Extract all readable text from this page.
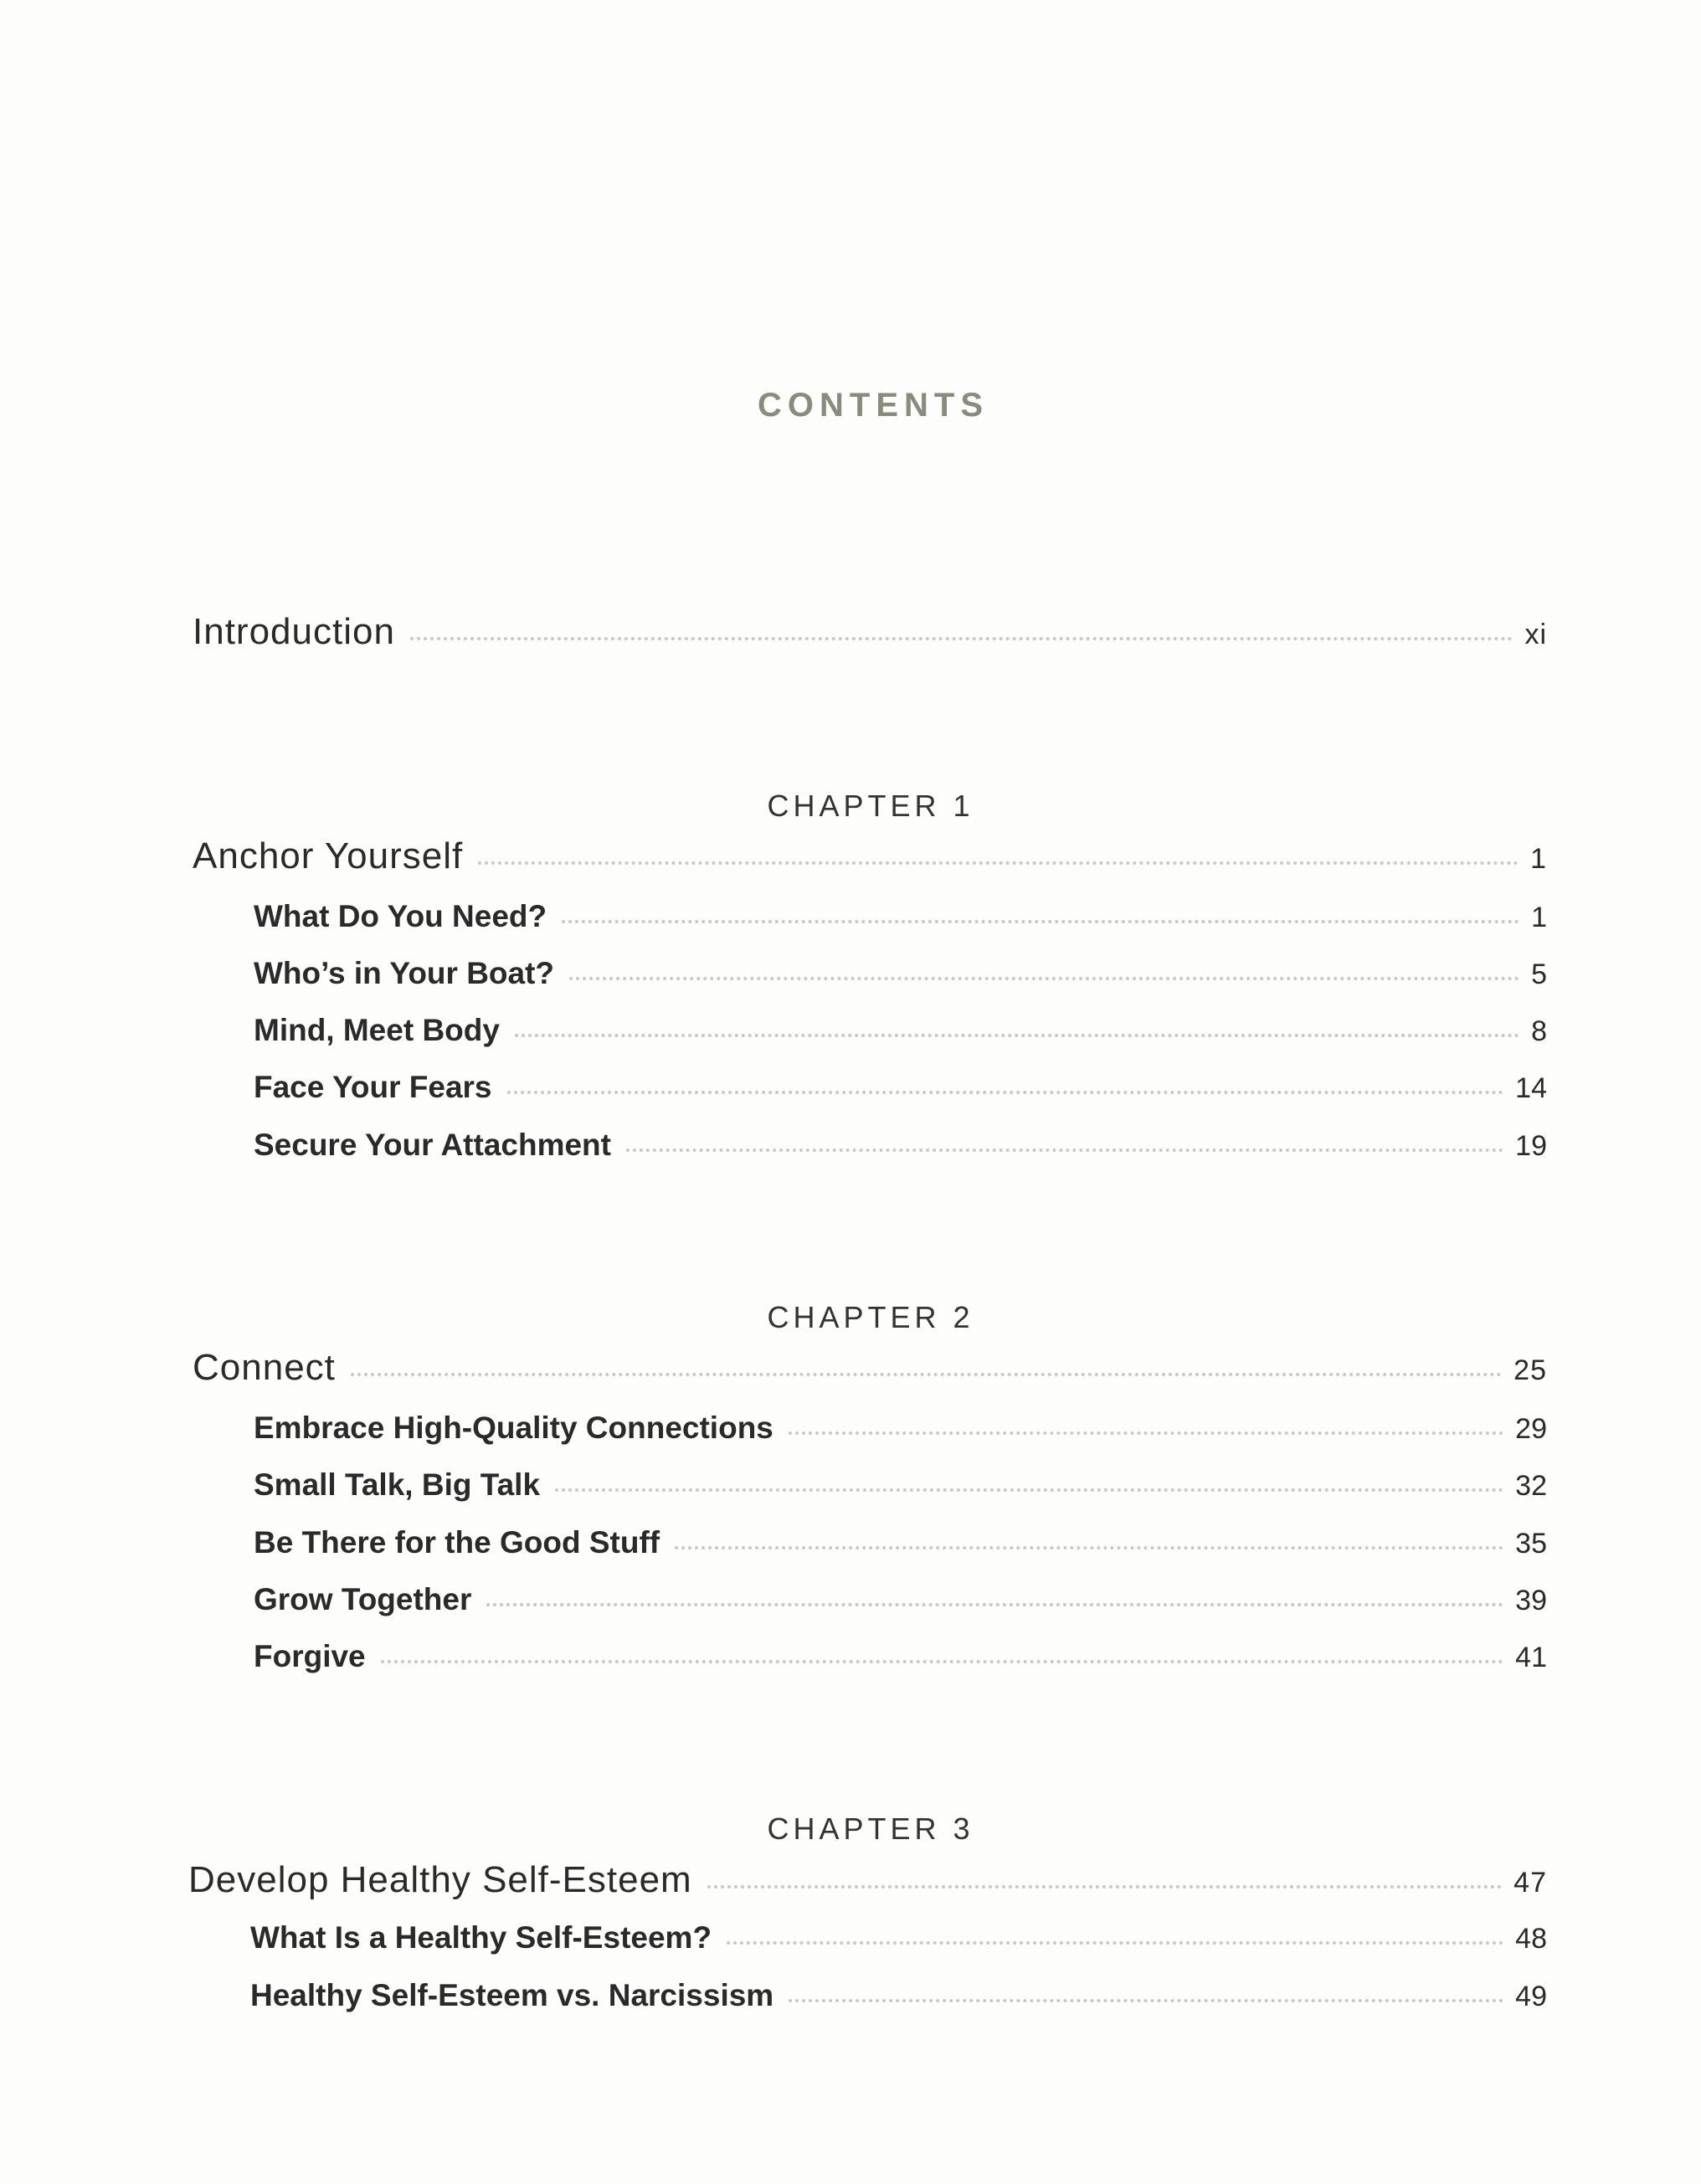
CONTENTS
Introduction	xi
CHAPTER 1
Anchor Yourself	1
What Do You Need?	1
Who’s in Your Boat?	5
Mind, Meet Body	8
Face Your Fears	14
Secure Your Attachment	19
CHAPTER 2
Connect	25
Embrace High-Quality Connections	29
Small Talk, Big Talk	32
Be There for the Good Stuff	35
Grow Together	39
Forgive	41
CHAPTER 3
Develop Healthy Self-Esteem	47
What Is a Healthy Self-Esteem?	48
Healthy Self-Esteem vs. Narcissism	49
